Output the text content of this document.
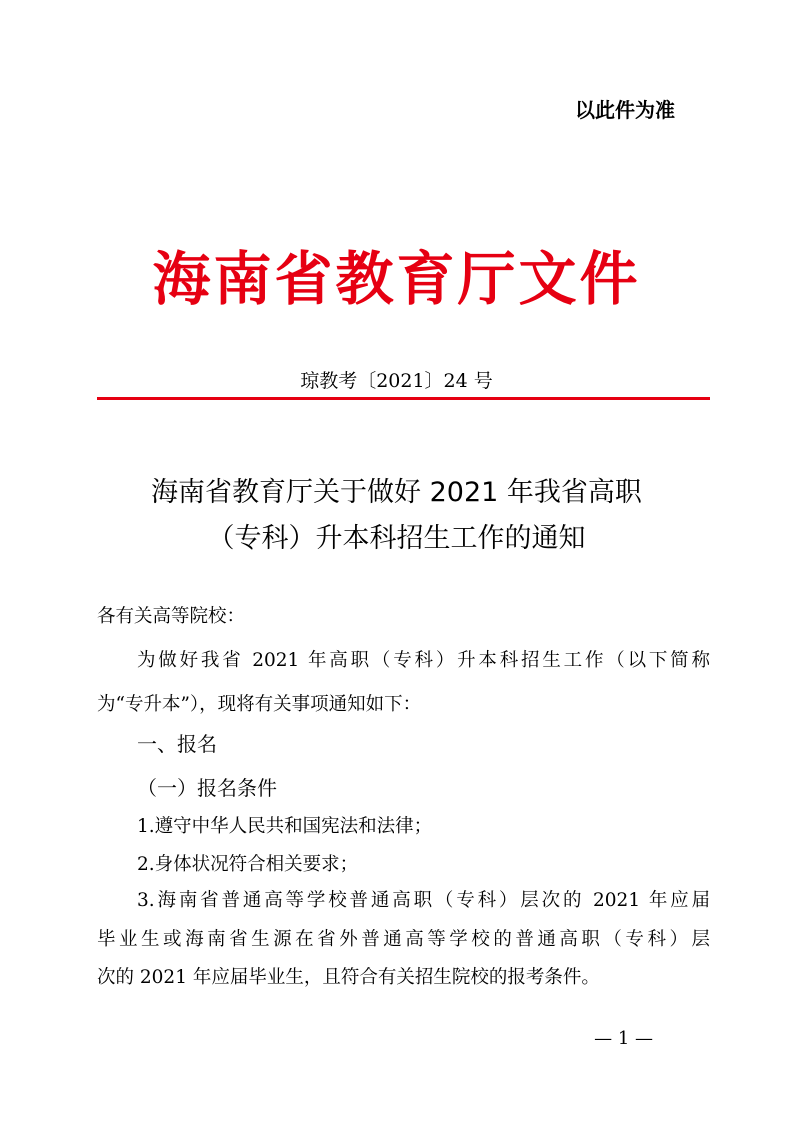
以此件为准
海南省教育厅文件
琼教考〔2021〕24 号
海南省教育厅关于做好 2021 年我省高职
（专科）升本科招生工作的通知
各有关高等院校：
为做好我省 2021 年高职（专科）升本科招生工作（以下简称
为“专升本”），现将有关事项通知如下：
一、报名
（一）报名条件
1.遵守中华人民共和国宪法和法律；
2.身体状况符合相关要求；
3.海南省普通高等学校普通高职（专科）层次的 2021 年应届
毕业生或海南省生源在省外普通高等学校的普通高职（专科）层
次的 2021 年应届毕业生，且符合有关招生院校的报考条件。
— 1 —
